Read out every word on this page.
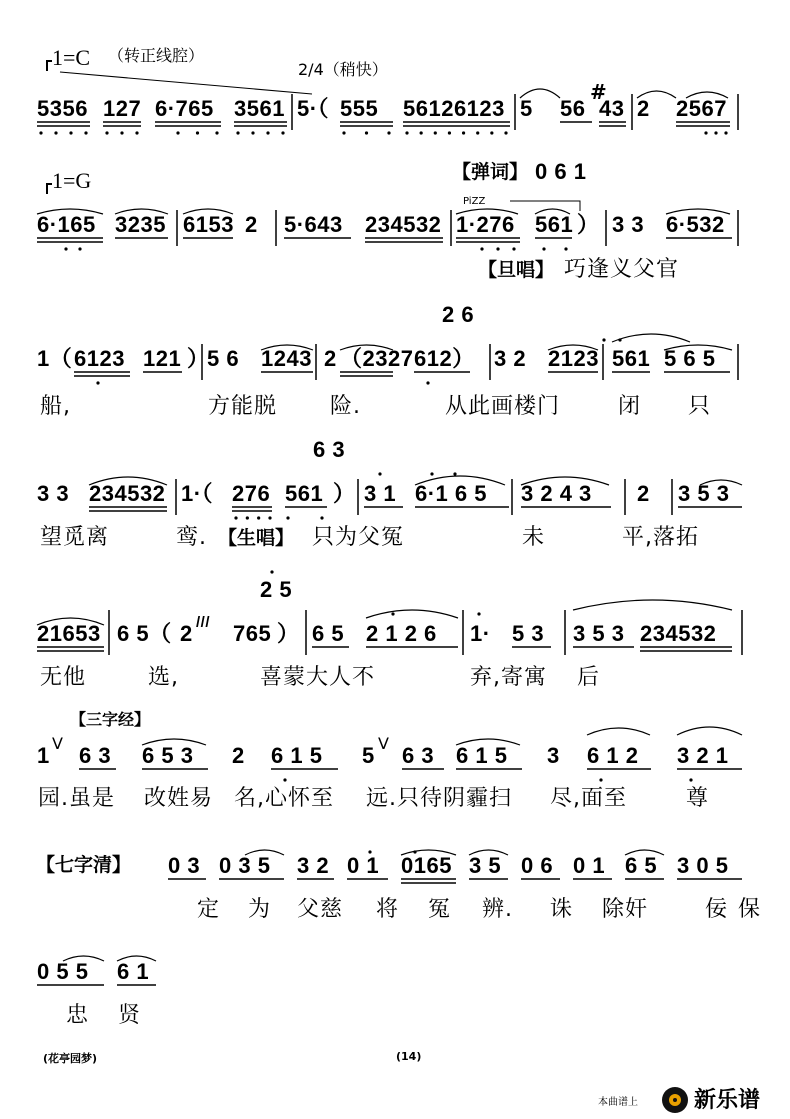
1=C （转正线腔）
2/4（稍快）
5356 127 6·765 3561 5·（ 555 56126123 5 56
#
43 2 2567
1=G	【弹词】 0 6 1
PiZZ
6·165 3235 6153 2 5·643 234532 1·276 561 ） 3 3 6·532
【旦唱】 巧逢义父官
2 6
1（ 6123 121 ）
5 6 1243 2 （2327 612） 3 2 2123 561 5 6 5
船,	方能脱 险.	从此画楼门	闭 只
6 3
3 3 234532 1·（ 276 561 ） 3 1 6·1 6 5 3 2 4 3 2 3 5 3
望觅离	鸾. 【生唱】 只为父冤	未	平,落拓
2 5
21653 6 5（ 2 /// 765 ） 6 5 2 1 2 6 1· 5 3 3 5 3 234532
无他	选,	喜蒙大人不	弃,寄寓 后
【三字经】
1 V 6 3 6 5 3 2 6 1 5 5 V 6 3 6 1 5 3 6 1 2 3 2 1
园.虽是 改姓易 名,心怀至 远.只待阴霾扫 尽,面至	尊
【七字清】 0 3 0 3 5 3 2 0 1 0165 3 5 0 6 0 1 6 5 3 0 5
定 为 父慈 将 冤 辨. 诛 除奸	佞 保
0 5 5 6 1
忠 贤
(花亭园梦)	(14)
本曲谱上	新乐谱
